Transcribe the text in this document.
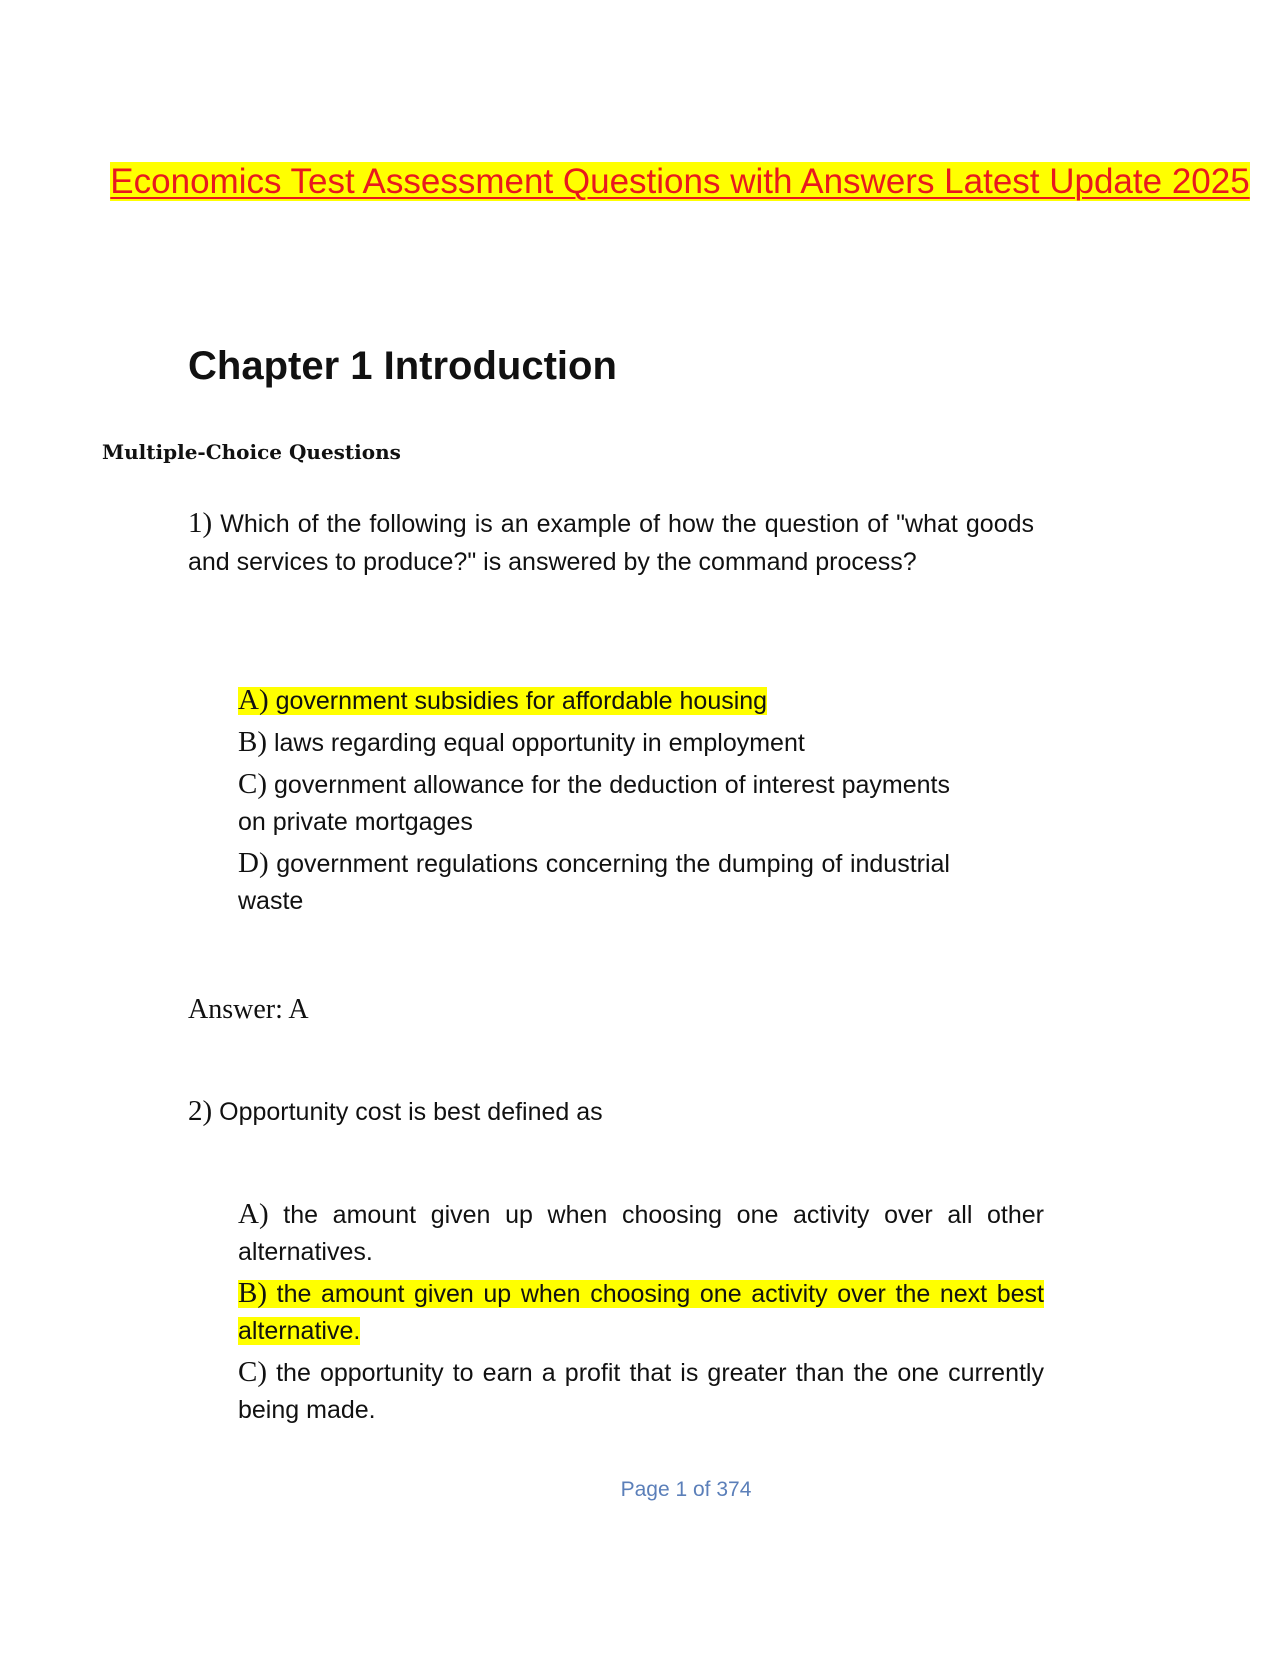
Economics Test Assessment Questions with Answers Latest Update 2025
Chapter 1 Introduction
Multiple-Choice Questions
1) Which of the following is an example of how the question of "what goods and services to produce?" is answered by the command process?
A) government subsidies for affordable housing
B) laws regarding equal opportunity in employment
C) government allowance for the deduction of interest payments on private mortgages
D) government regulations concerning the dumping of industrial waste
Answer: A
2) Opportunity cost is best defined as
A) the amount given up when choosing one activity over all other alternatives.
B) the amount given up when choosing one activity over the next best alternative.
C) the opportunity to earn a profit that is greater than the one currently being made.
Page 1 of 374
